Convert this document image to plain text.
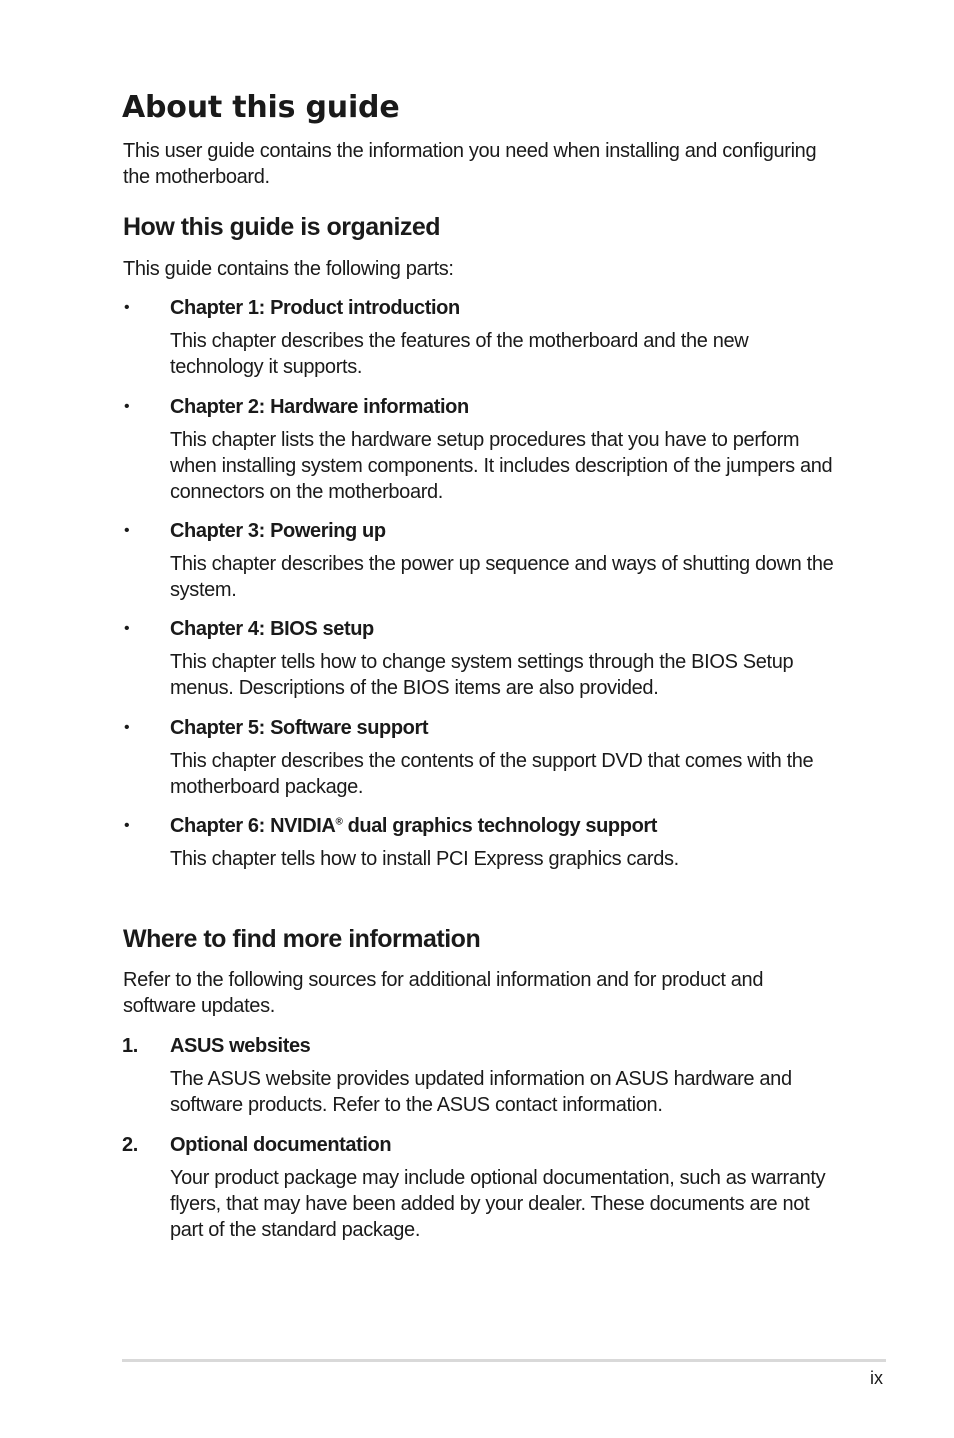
About this guide

This user guide contains the information you need when installing and configuring the motherboard.

How this guide is organized

This guide contains the following parts:

• Chapter 1: Product introduction

This chapter describes the features of the motherboard and the new technology it supports.

• Chapter 2: Hardware information

This chapter lists the hardware setup procedures that you have to perform when installing system components. It includes description of the jumpers and connectors on the motherboard.

• Chapter 3: Powering up

This chapter describes the power up sequence and ways of shutting down the system.

• Chapter 4: BIOS setup

This chapter tells how to change system settings through the BIOS Setup menus. Descriptions of the BIOS items are also provided.

• Chapter 5: Software support

This chapter describes the contents of the support DVD that comes with the motherboard package.

• Chapter 6: NVIDIA® dual graphics technology support

This chapter tells how to install PCI Express graphics cards.

Where to find more information

Refer to the following sources for additional information and for product and software updates.

1. ASUS websites

The ASUS website provides updated information on ASUS hardware and software products. Refer to the ASUS contact information.

2. Optional documentation

Your product package may include optional documentation, such as warranty flyers, that may have been added by your dealer. These documents are not part of the standard package.

ix
